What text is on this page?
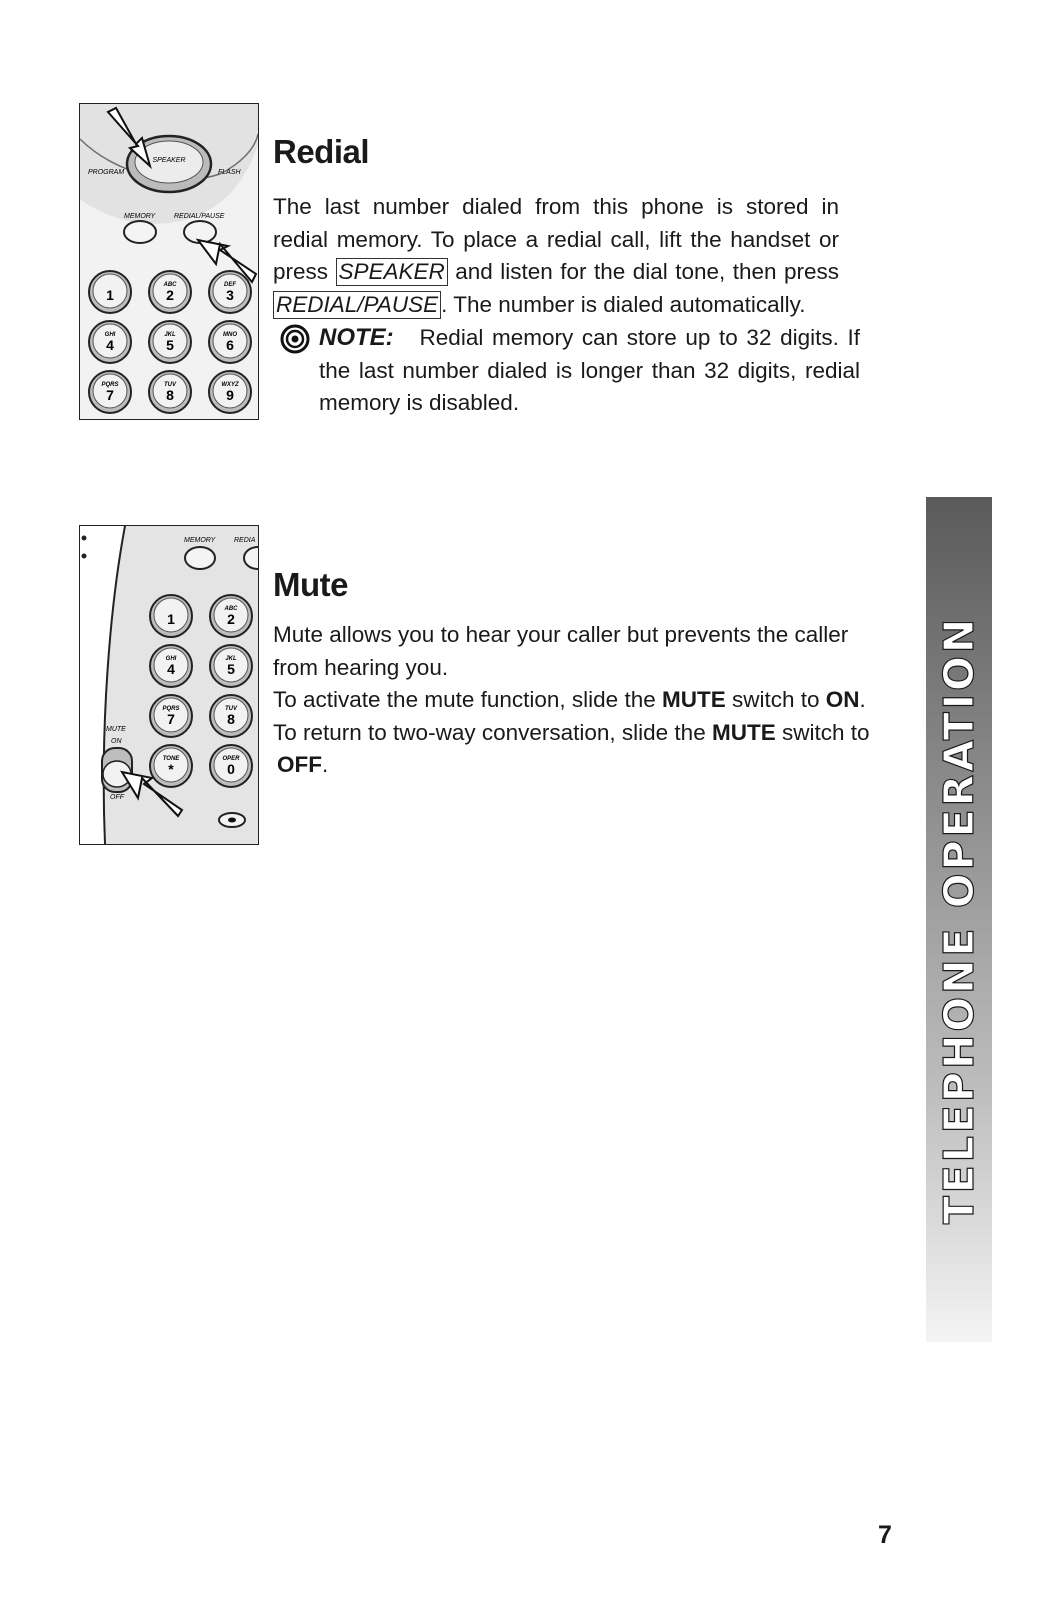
SPEAKER
PROGRAM	FLASH
MEMORY	REDIAL/PAUSE
1
ABC
2
DEF
3
GHI
4
JKL
5
MNO
6
PQRS
7
TUV
8
WXYZ
9
Redial
The last number dialed from this phone is stored in
redial memory. To place a redial call, lift the handset or
press SPEAKER and listen for the dial tone, then press
REDIAL/PAUSE . The number is dialed automatically.
NOTE: Redial memory can store up to 32 digits. If
the last number dialed is longer than 32 digits, redial
memory is disabled.
MEMORY	REDIA
1
ABC
2
GHI
4
JKL
5
PQRS
7
TUV
8
TONE
*
OPER
0
MUTE
ON
OFF
Mute
Mute allows you to hear your caller but prevents the caller
from hearing you.
To activate the mute function, slide the MUTE switch to ON.
To return to two-way conversation, slide the MUTE switch to
OFF.	TELEPHONE OPERATION
7
